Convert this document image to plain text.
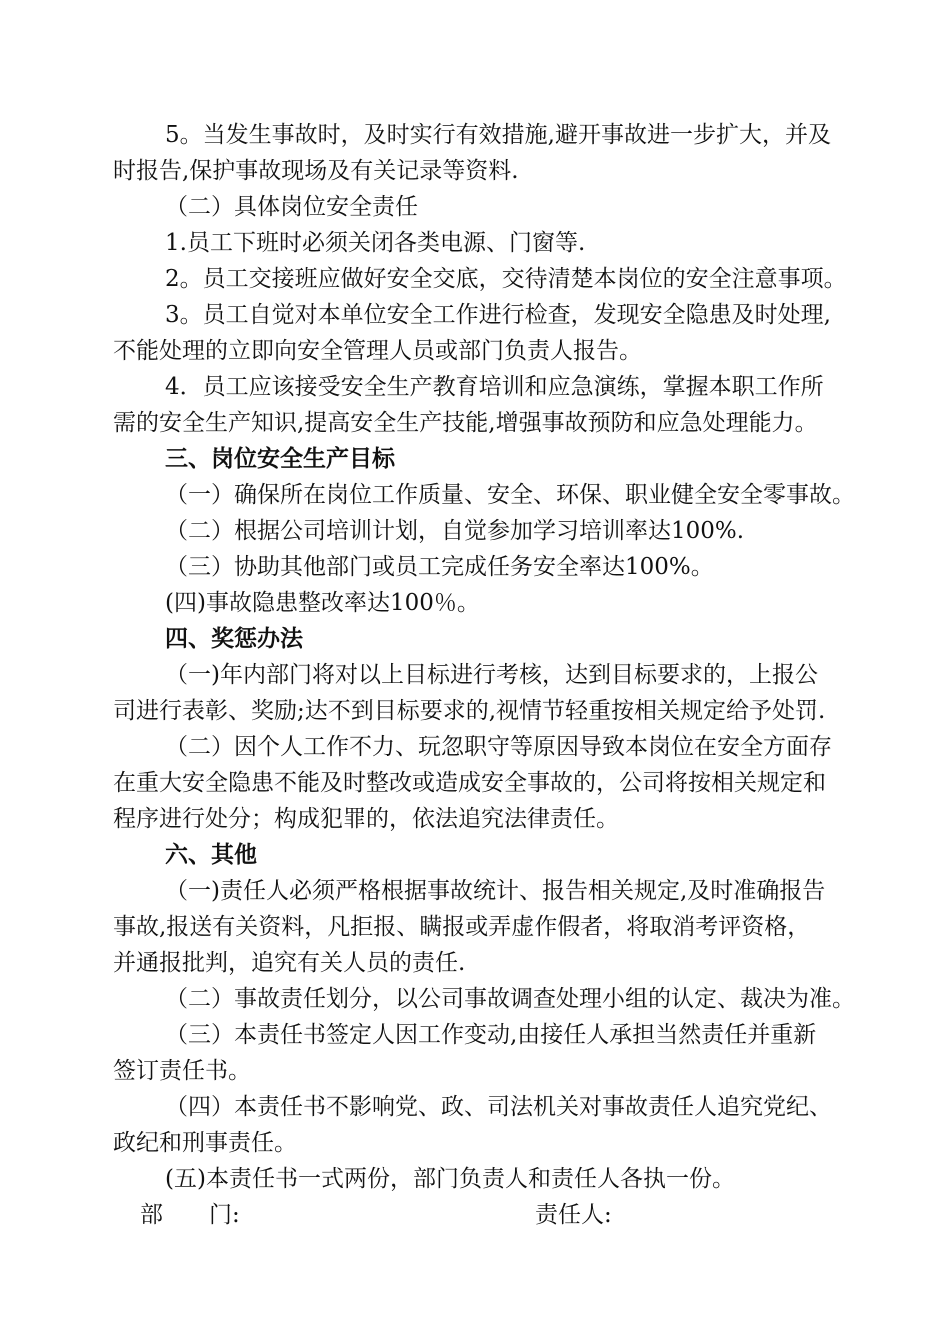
5。当发生事故时，及时实行有效措施,避开事故进一步扩大，并及
时报告,保护事故现场及有关记录等资料.
（二）具体岗位安全责任
1.员工下班时必须关闭各类电源、门窗等.
2。员工交接班应做好安全交底，交待清楚本岗位的安全注意事项。
3。员工自觉对本单位安全工作进行检查，发现安全隐患及时处理,
不能处理的立即向安全管理人员或部门负责人报告。
4．员工应该接受安全生产教育培训和应急演练，掌握本职工作所
需的安全生产知识,提高安全生产技能,增强事故预防和应急处理能力。
三、岗位安全生产目标
（一）确保所在岗位工作质量、安全、环保、职业健全安全零事故。
（二）根据公司培训计划，自觉参加学习培训率达100%.
（三）协助其他部门或员工完成任务安全率达100%。
(四)事故隐患整改率达100％。
四、奖惩办法
（一)年内部门将对以上目标进行考核，达到目标要求的，上报公
司进行表彰、奖励;达不到目标要求的,视情节轻重按相关规定给予处罚.
（二）因个人工作不力、玩忽职守等原因导致本岗位在安全方面存
在重大安全隐患不能及时整改或造成安全事故的，公司将按相关规定和
程序进行处分；构成犯罪的，依法追究法律责任。
六、其他
（一)责任人必须严格根据事故统计、报告相关规定,及时准确报告
事故,报送有关资料，凡拒报、瞒报或弄虚作假者，将取消考评资格，
并通报批判，追究有关人员的责任.
（二）事故责任划分，以公司事故调查处理小组的认定、裁决为准。
（三）本责任书签定人因工作变动,由接任人承担当然责任并重新
签订责任书。
（四）本责任书不影响党、政、司法机关对事故责任人追究党纪、
政纪和刑事责任。
(五)本责任书一式两份，部门负责人和责任人各执一份。
部　　门:	责任人:
